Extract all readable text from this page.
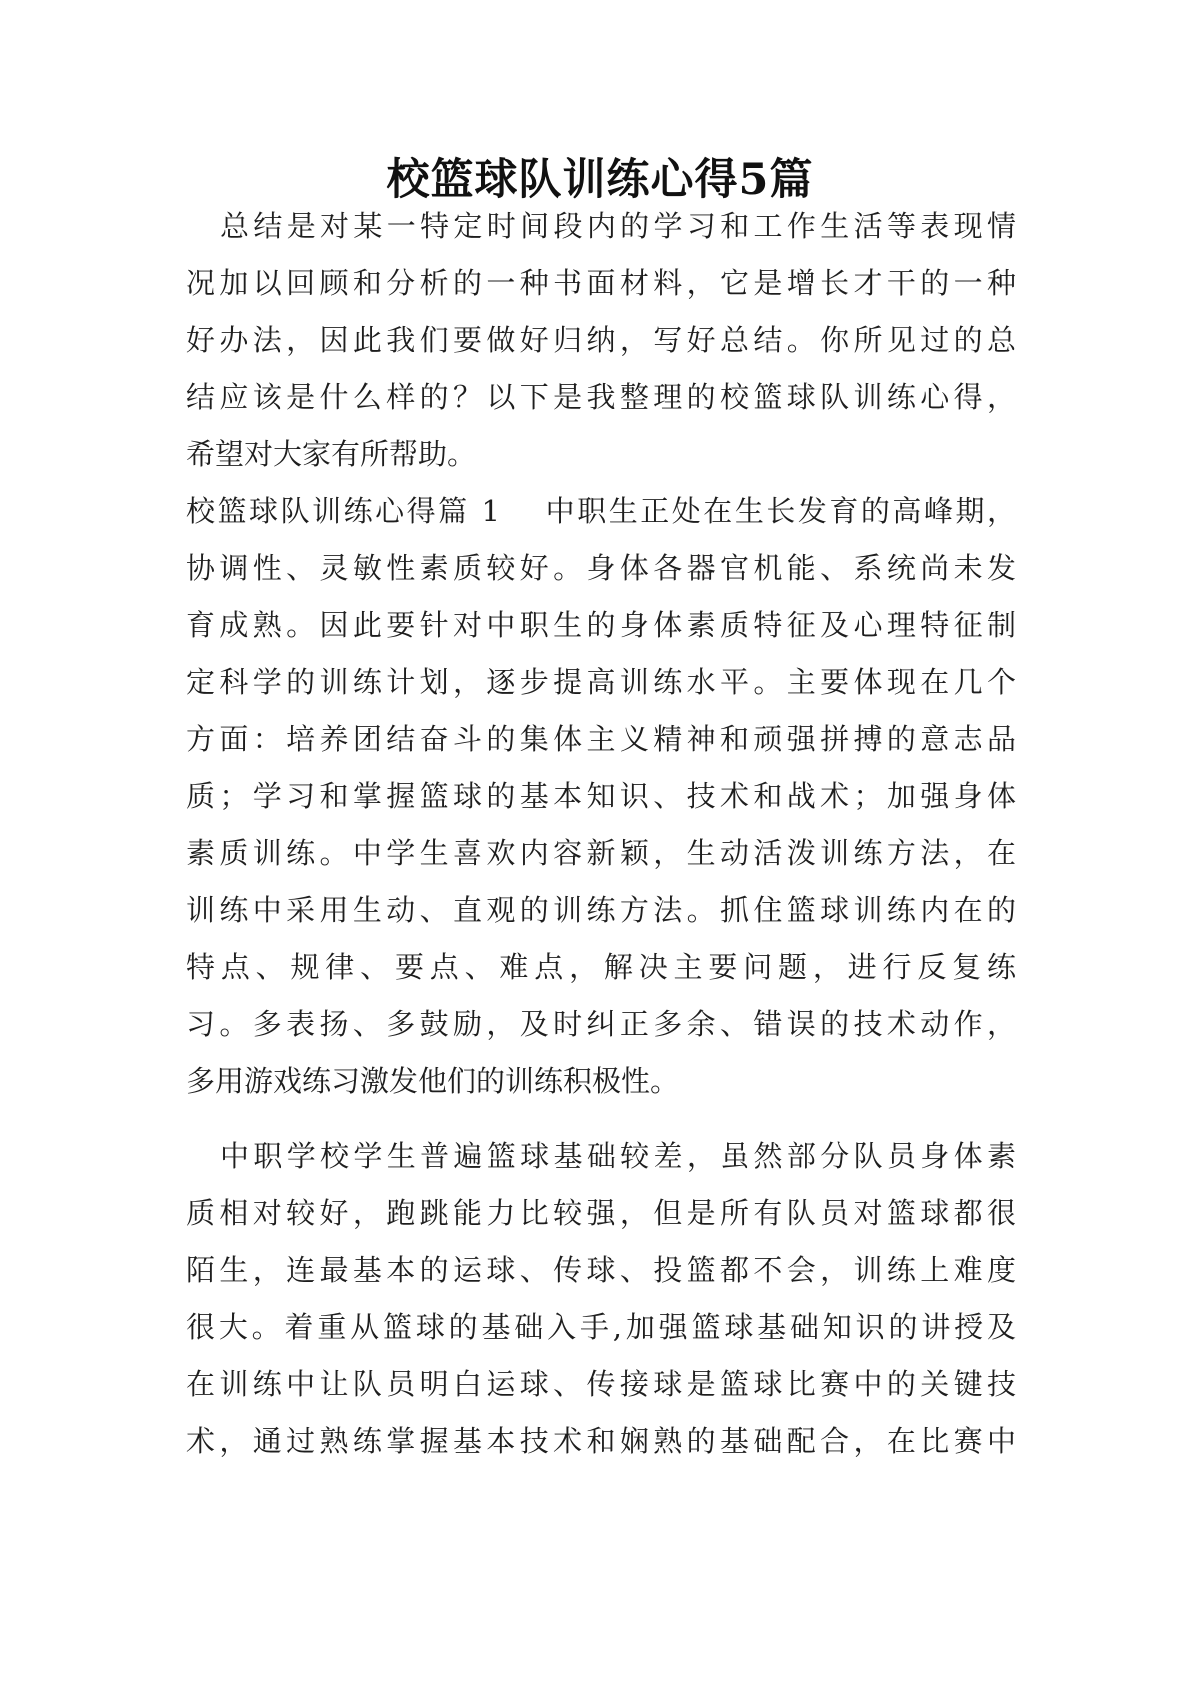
校篮球队训练心得5篇
总结是对某一特定时间段内的学习和工作生活等表现情
况加以回顾和分析的一种书面材料，它是增长才干的一种
好办法，因此我们要做好归纳，写好总结。你所见过的总
结应该是什么样的？以下是我整理的校篮球队训练心得，
希望对大家有所帮助。
校篮球队训练心得篇 1　 中职生正处在生长发育的高峰期，
协调性、灵敏性素质较好。身体各器官机能、系统尚未发
育成熟。因此要针对中职生的身体素质特征及心理特征制
定科学的训练计划，逐步提高训练水平。主要体现在几个
方面：培养团结奋斗的集体主义精神和顽强拼搏的意志品
质；学习和掌握篮球的基本知识、技术和战术；加强身体
素质训练。中学生喜欢内容新颖，生动活泼训练方法，在
训练中采用生动、直观的训练方法。抓住篮球训练内在的
特点、规律、要点、难点，解决主要问题，进行反复练
习。多表扬、多鼓励，及时纠正多余、错误的技术动作，
多用游戏练习激发他们的训练积极性。
中职学校学生普遍篮球基础较差，虽然部分队员身体素
质相对较好，跑跳能力比较强，但是所有队员对篮球都很
陌生，连最基本的运球、传球、投篮都不会，训练上难度
很大。着重从篮球的基础入手,加强篮球基础知识的讲授及
在训练中让队员明白运球、传接球是篮球比赛中的关键技
术，通过熟练掌握基本技术和娴熟的基础配合，在比赛中
